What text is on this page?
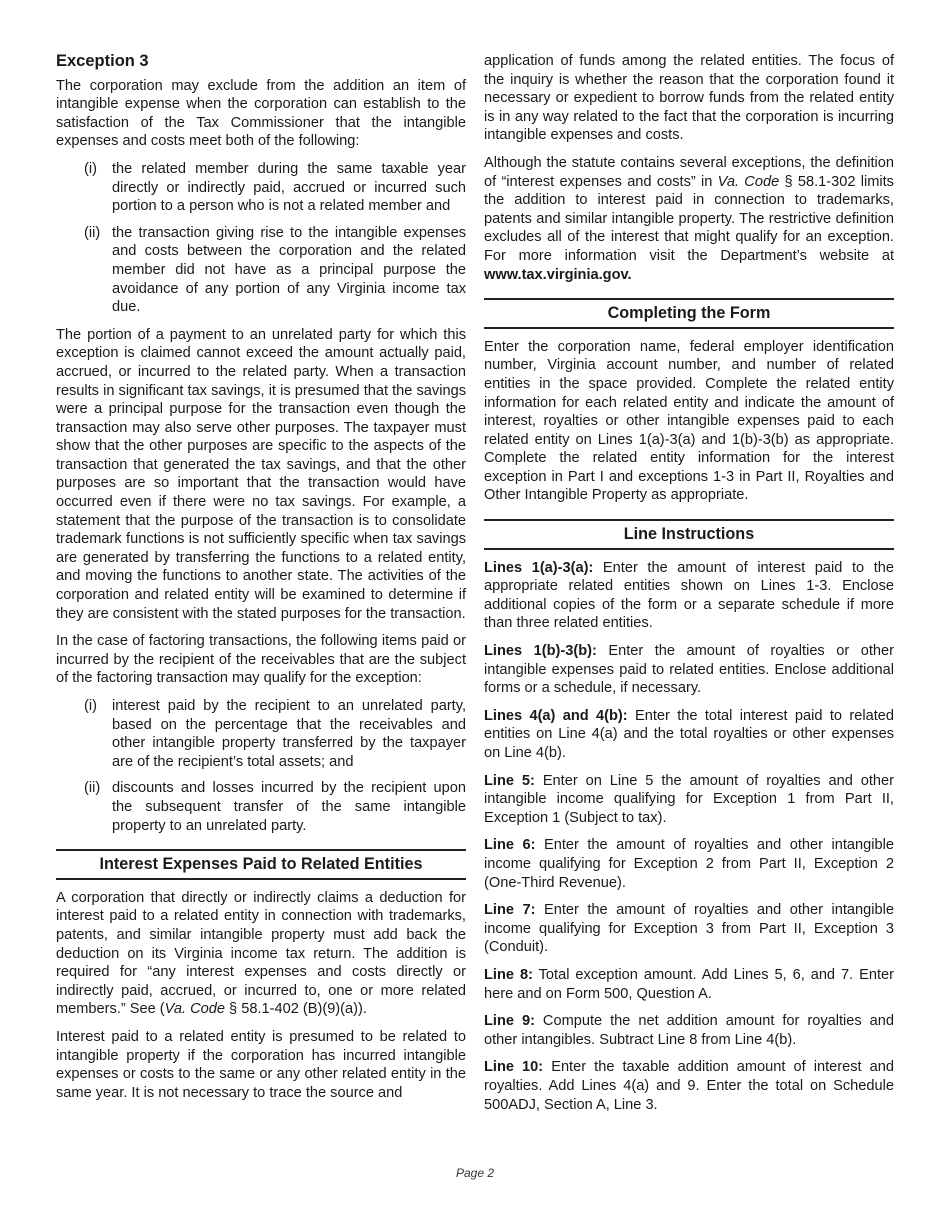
Exception 3

The corporation may exclude from the addition an item of intangible expense when the corporation can establish to the satisfaction of the Tax Commissioner that the intangible expenses and costs meet both of the following:

(i)	the related member during the same taxable year directly or indirectly paid, accrued or incurred such portion to a person who is not a related member and
(ii) the transaction giving rise to the intangible expenses and costs between the corporation and the related member did not have as a principal purpose the avoidance of any portion of any Virginia income tax due.

The portion of a payment to an unrelated party for which this exception is claimed cannot exceed the amount actually paid, accrued, or incurred to the related party. When a transaction results in significant tax savings, it is presumed that the savings were a principal purpose for the transaction even though the transaction may also serve other purposes. The taxpayer must show that the other purposes are specific to the aspects of the transaction that generated the tax savings, and that the other purposes are so important that the transaction would have occurred even if there were no tax savings. For example, a statement that the purpose of the transaction is to consolidate trademark functions is not sufficiently specific when tax savings are generated by transferring the functions to a related entity, and moving the functions to another state. The activities of the corporation and related entity will be examined to determine if they are consistent with the stated purposes for the transaction.

In the case of factoring transactions, the following items paid or incurred by the recipient of the receivables that are the subject of the factoring transaction may qualify for the exception:

(i)	interest paid by the recipient to an unrelated party, based on the percentage that the receivables and other intangible property transferred by the taxpayer are of the recipient’s total assets; and
(ii) discounts and losses incurred by the recipient upon the subsequent transfer of the same intangible property to an unrelated party.
Interest Expenses Paid to Related Entities

A corporation that directly or indirectly claims a deduction for interest paid to a related entity in connection with trademarks, patents, and similar intangible property must add back the deduction on its Virginia income tax return. The addition is required for “any interest expenses and costs directly or indirectly paid, accrued, or incurred to, one or more related members.” See (Va. Code § 58.1-402 (B)(9)(a)).

Interest paid to a related entity is presumed to be related to intangible property if the corporation has incurred intangible expenses or costs to the same or any other related entity in the same year. It is not necessary to trace the source and

application of funds among the related entities. The focus of the inquiry is whether the reason that the corporation found it necessary or expedient to borrow funds from the related entity is in any way related to the fact that the corporation is incurring intangible expenses and costs.

Although the statute contains several exceptions, the definition of “interest expenses and costs” in Va. Code § 58.1-302 limits the addition to interest paid in connection to trademarks, patents and similar intangible property. The restrictive definition excludes all of the interest that might qualify for an exception. For more information visit the Department’s website at www.tax.virginia.gov.

Completing the Form

Enter the corporation name, federal employer identification number, Virginia account number, and number of related entities in the space provided. Complete the related entity information for each related entity and indicate the amount of interest, royalties or other intangible expenses paid to each related entity on Lines 1(a)-3(a) and 1(b)-3(b) as appropriate. Complete the related entity information for the interest exception in Part I and exceptions 1-3 in Part II, Royalties and Other Intangible Property as appropriate.

Line Instructions

Lines 1(a)-3(a): Enter the amount of interest paid to the appropriate related entities shown on Lines 1-3. Enclose additional copies of the form or a separate schedule if more than three related entities.

Lines 1(b)-3(b): Enter the amount of royalties or other intangible expenses paid to related entities. Enclose additional forms or a schedule, if necessary.

Lines 4(a) and 4(b): Enter the total interest paid to related entities on Line 4(a) and the total royalties or other expenses on Line 4(b).

Line 5: Enter on Line 5 the amount of royalties and other intangible income qualifying for Exception 1 from Part II, Exception 1 (Subject to tax).

Line 6: Enter the amount of royalties and other intangible income qualifying for Exception 2 from Part II, Exception 2 (One-Third Revenue).

Line 7: Enter the amount of royalties and other intangible income qualifying for Exception 3 from Part II, Exception 3 (Conduit).

Line 8: Total exception amount. Add Lines 5, 6, and 7. Enter here and on Form 500, Question A.

Line 9: Compute the net addition amount for royalties and other intangibles. Subtract Line 8 from Line 4(b).

Line 10: Enter the taxable addition amount of interest and royalties. Add Lines 4(a) and 9. Enter the total on Schedule 500ADJ, Section A, Line 3.

Page 2
